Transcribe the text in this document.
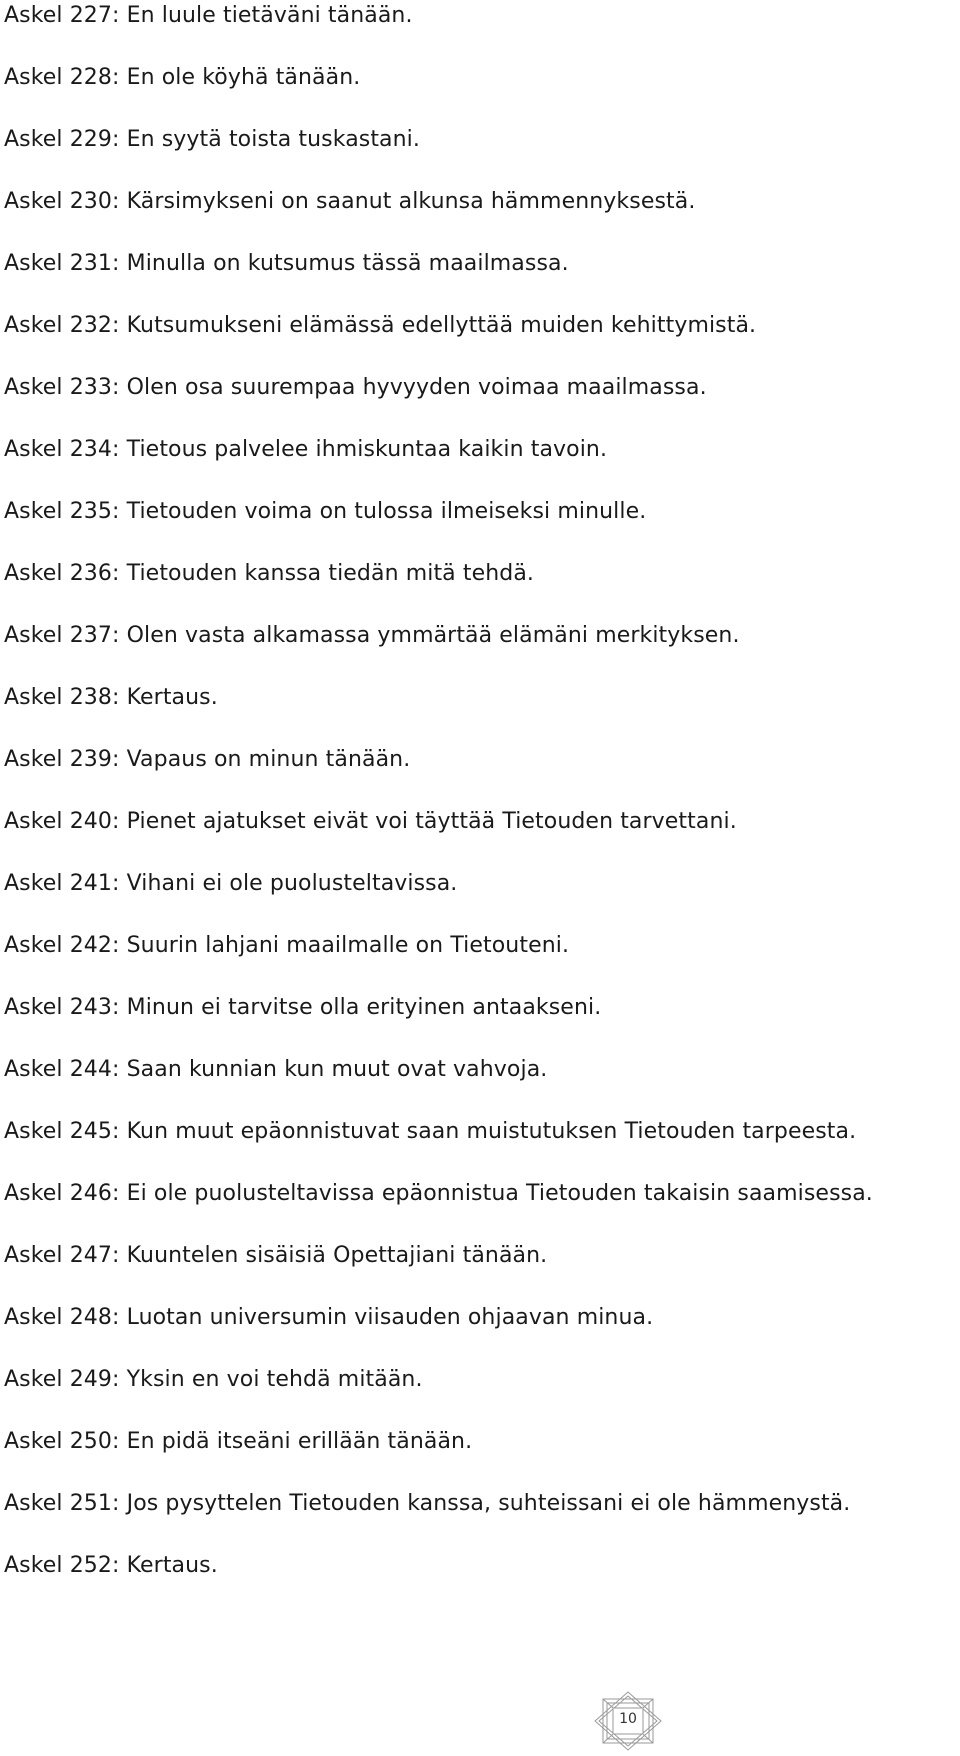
Askel 227: En luule tietäväni tänään.
Askel 228: En ole köyhä tänään.
Askel 229: En syytä toista tuskastani.
Askel 230: Kärsimykseni on saanut alkunsa hämmennyksestä.
Askel 231: Minulla on kutsumus tässä maailmassa.
Askel 232: Kutsumukseni elämässä edellyttää muiden kehittymistä.
Askel 233: Olen osa suurempaa hyvyyden voimaa maailmassa.
Askel 234: Tietous palvelee ihmiskuntaa kaikin tavoin.
Askel 235: Tietouden voima on tulossa ilmeiseksi minulle.
Askel 236: Tietouden kanssa tiedän mitä tehdä.
Askel 237: Olen vasta alkamassa ymmärtää elämäni merkityksen.
Askel 238: Kertaus.
Askel 239: Vapaus on minun tänään.
Askel 240: Pienet ajatukset eivät voi täyttää Tietouden tarvettani.
Askel 241: Vihani ei ole puolusteltavissa.
Askel 242: Suurin lahjani maailmalle on Tietouteni.
Askel 243: Minun ei tarvitse olla erityinen antaakseni.
Askel 244: Saan kunnian kun muut ovat vahvoja.
Askel 245: Kun muut epäonnistuvat saan muistutuksen Tietouden tarpeesta.
Askel 246: Ei ole puolusteltavissa epäonnistua Tietouden takaisin saamisessa.
Askel 247: Kuuntelen sisäisiä Opettajiani tänään.
Askel 248: Luotan universumin viisauden ohjaavan minua.
Askel 249: Yksin en voi tehdä mitään.
Askel 250: En pidä itseäni erillään tänään.
Askel 251: Jos pysyttelen Tietouden kanssa, suhteissani ei ole hämmenystä.
Askel 252: Kertaus.
10
